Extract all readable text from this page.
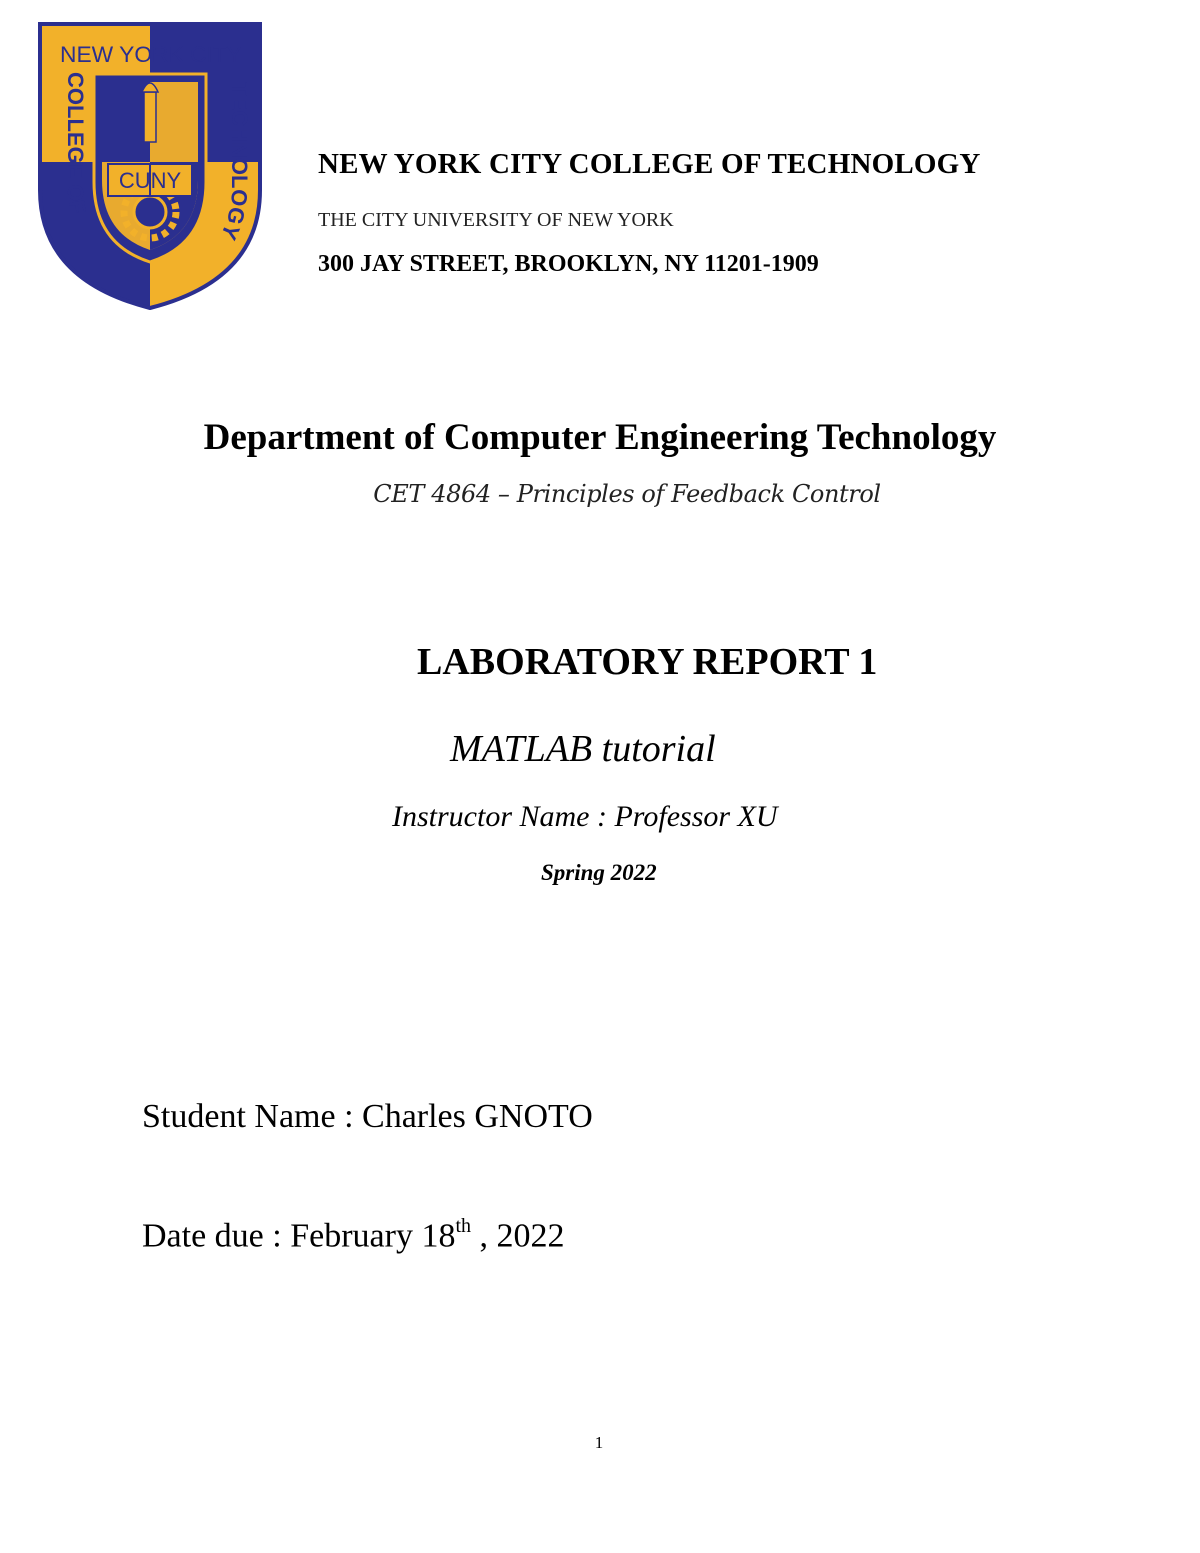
CUNY
NEW YORK CITY
COLLEGE OF
TECHNOLOGY
NEW YORK CITY COLLEGE OF TECHNOLOGY
THE CITY UNIVERSITY OF NEW YORK
300 JAY STREET, BROOKLYN, NY 11201-1909
Department of Computer Engineering Technology
CET 4864 – Principles of Feedback Control
LABORATORY REPORT 1
MATLAB tutorial
Instructor Name : Professor XU
Spring 2022
Student Name : Charles GNOTO
Date due : February 18th , 2022
1
